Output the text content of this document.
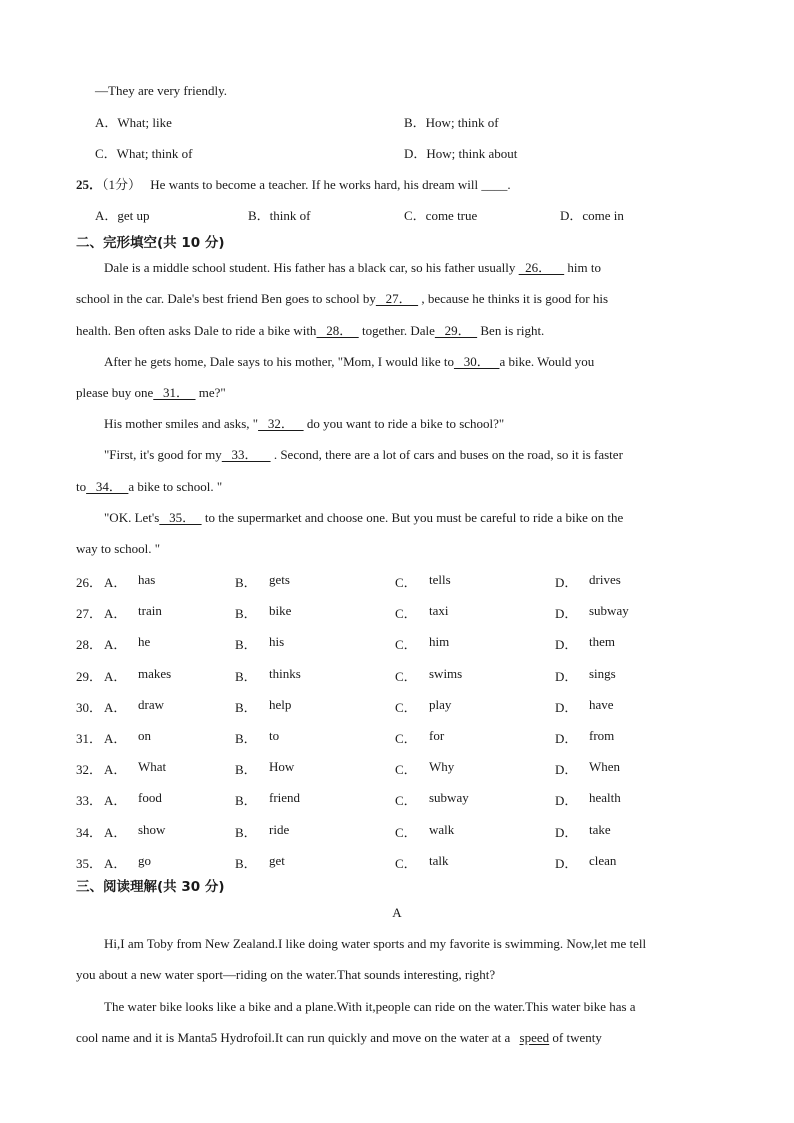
—They are very friendly.
A．What; like	B．How; think of
C．What; think of	D．How; think about
25．（1分） He wants to become a teacher. If he works hard, his dream will ____.
A．get up	B．think of	C．come true	D．come in
二、完形填空(共 10 分)
Dale is a middle school student. His father has a black car, so his father usually   26．     him to
school in the car. Dale's best friend Ben goes to school by   27．   , because he thinks it is good for his
health. Ben often asks Dale to ride a bike with   28．   together. Dale   29．   Ben is right.
After he gets home, Dale says to his mother, "Mom, I would like to   30．   a bike. Would you
please buy one   31．   me?"
His mother smiles and asks, "   32．    do you want to ride a bike to school?"
"First, it's good for my   33．     . Second, there are a lot of cars and buses on the road, so it is faster
to   34．  a bike to school. "
"OK. Let's   35．   to the supermarket and choose one. But you must be careful to ride a bike on the
way to school. "
26． A． has	B． gets	C． tells	D． drives
27． A． train	B． bike	C． taxi	D． subway
28． A． he	B． his	C． him	D． them
29． A． makes	B． thinks	C． swims	D． sings
30． A． draw	B． help	C． play	D． have
31． A． on	B． to	C． for	D． from
32． A． What	B． How	C． Why	D． When
33． A． food	B． friend	C． subway	D． health
34． A． show	B． ride	C． walk	D． take
35． A． go	B． get	C． talk	D． clean
三、阅读理解(共 30 分)
A
Hi,I am Toby from New Zealand.I like doing water sports and my favorite is swimming. Now,let me tell
you about a new water sport—riding on the water.That sounds interesting, right?
The water bike looks like a bike and a plane.With it,people can ride on the water.This water bike has a
cool name and it is Manta5 Hydrofoil.It can run quickly and move on the water at a speed of twenty
